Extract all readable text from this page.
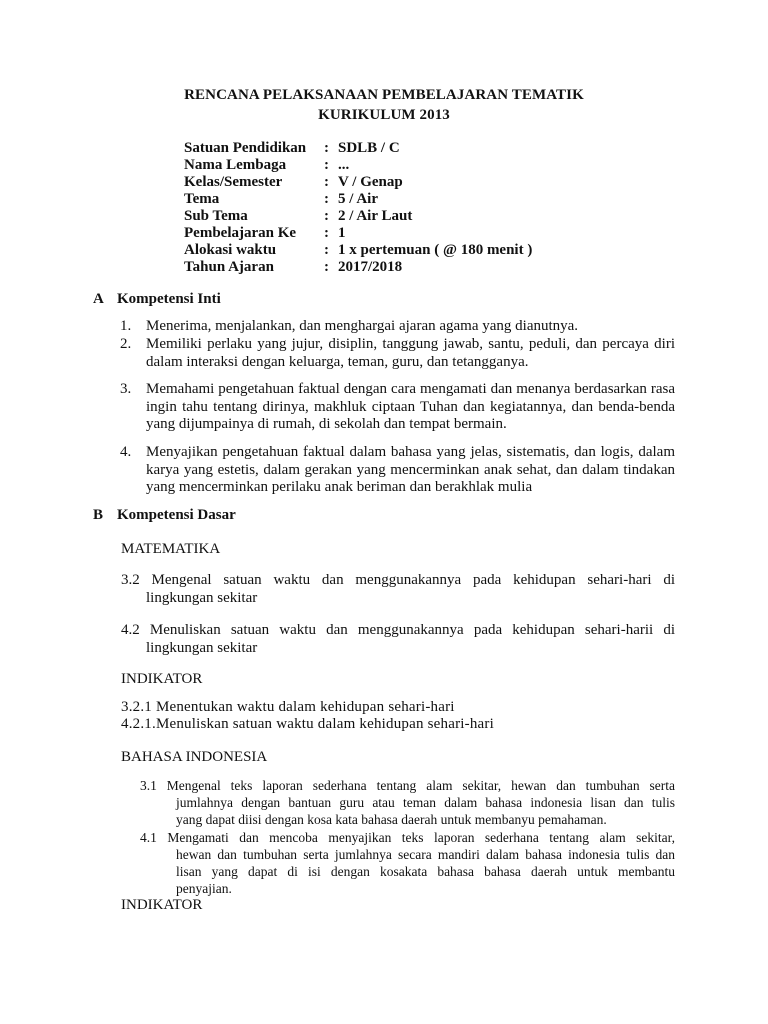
RENCANA PELAKSANAAN PEMBELAJARAN TEMATIK
KURIKULUM 2013
Satuan Pendidikan : SDLB / C
Nama Lembaga	: ...
Kelas/Semester	: V / Genap
Tema	: 5 / Air
Sub Tema	: 2 / Air Laut
Pembelajaran Ke : 1
Alokasi waktu	: 1 x pertemuan ( @ 180 menit )
Tahun Ajaran	: 2017/2018
A Kompetensi Inti
1. Menerima, menjalankan, dan menghargai ajaran agama yang dianutnya.
2. Memiliki perlaku yang jujur, disiplin, tanggung jawab, santu, peduli, dan percaya diri dalam interaksi dengan keluarga, teman, guru, dan tetangganya.
3. Memahami pengetahuan faktual dengan cara mengamati dan menanya berdasarkan rasa ingin tahu tentang dirinya, makhluk ciptaan Tuhan dan kegiatannya, dan benda-benda yang dijumpainya di rumah, di sekolah dan tempat bermain.
4. Menyajikan pengetahuan faktual dalam bahasa yang jelas, sistematis, dan logis, dalam karya yang estetis, dalam gerakan yang mencerminkan anak sehat, dan dalam tindakan yang mencerminkan perilaku anak beriman dan berakhlak mulia
B Kompetensi Dasar
MATEMATIKA
3.2 Mengenal satuan waktu dan menggunakannya pada kehidupan sehari-hari di
lingkungan sekitar
4.2 Menuliskan satuan waktu dan menggunakannya pada kehidupan sehari-harii di
lingkungan sekitar
INDIKATOR
3.2.1 Menentukan waktu dalam kehidupan sehari-hari
4.2.1.Menuliskan satuan waktu dalam kehidupan sehari-hari
BAHASA INDONESIA
3.1 Mengenal teks laporan sederhana tentang alam sekitar, hewan dan tumbuhan serta
jumlahnya dengan bantuan guru atau teman dalam bahasa indonesia lisan dan tulis
yang dapat diisi dengan kosa kata bahasa daerah untuk membanyu pemahaman.
4.1 Mengamati dan mencoba menyajikan teks laporan sederhana tentang alam sekitar,
hewan dan tumbuhan serta jumlahnya secara mandiri dalam bahasa indonesia tulis dan
lisan yang dapat di isi dengan kosakata bahasa bahasa daerah untuk membantu
penyajian.
INDIKATOR
